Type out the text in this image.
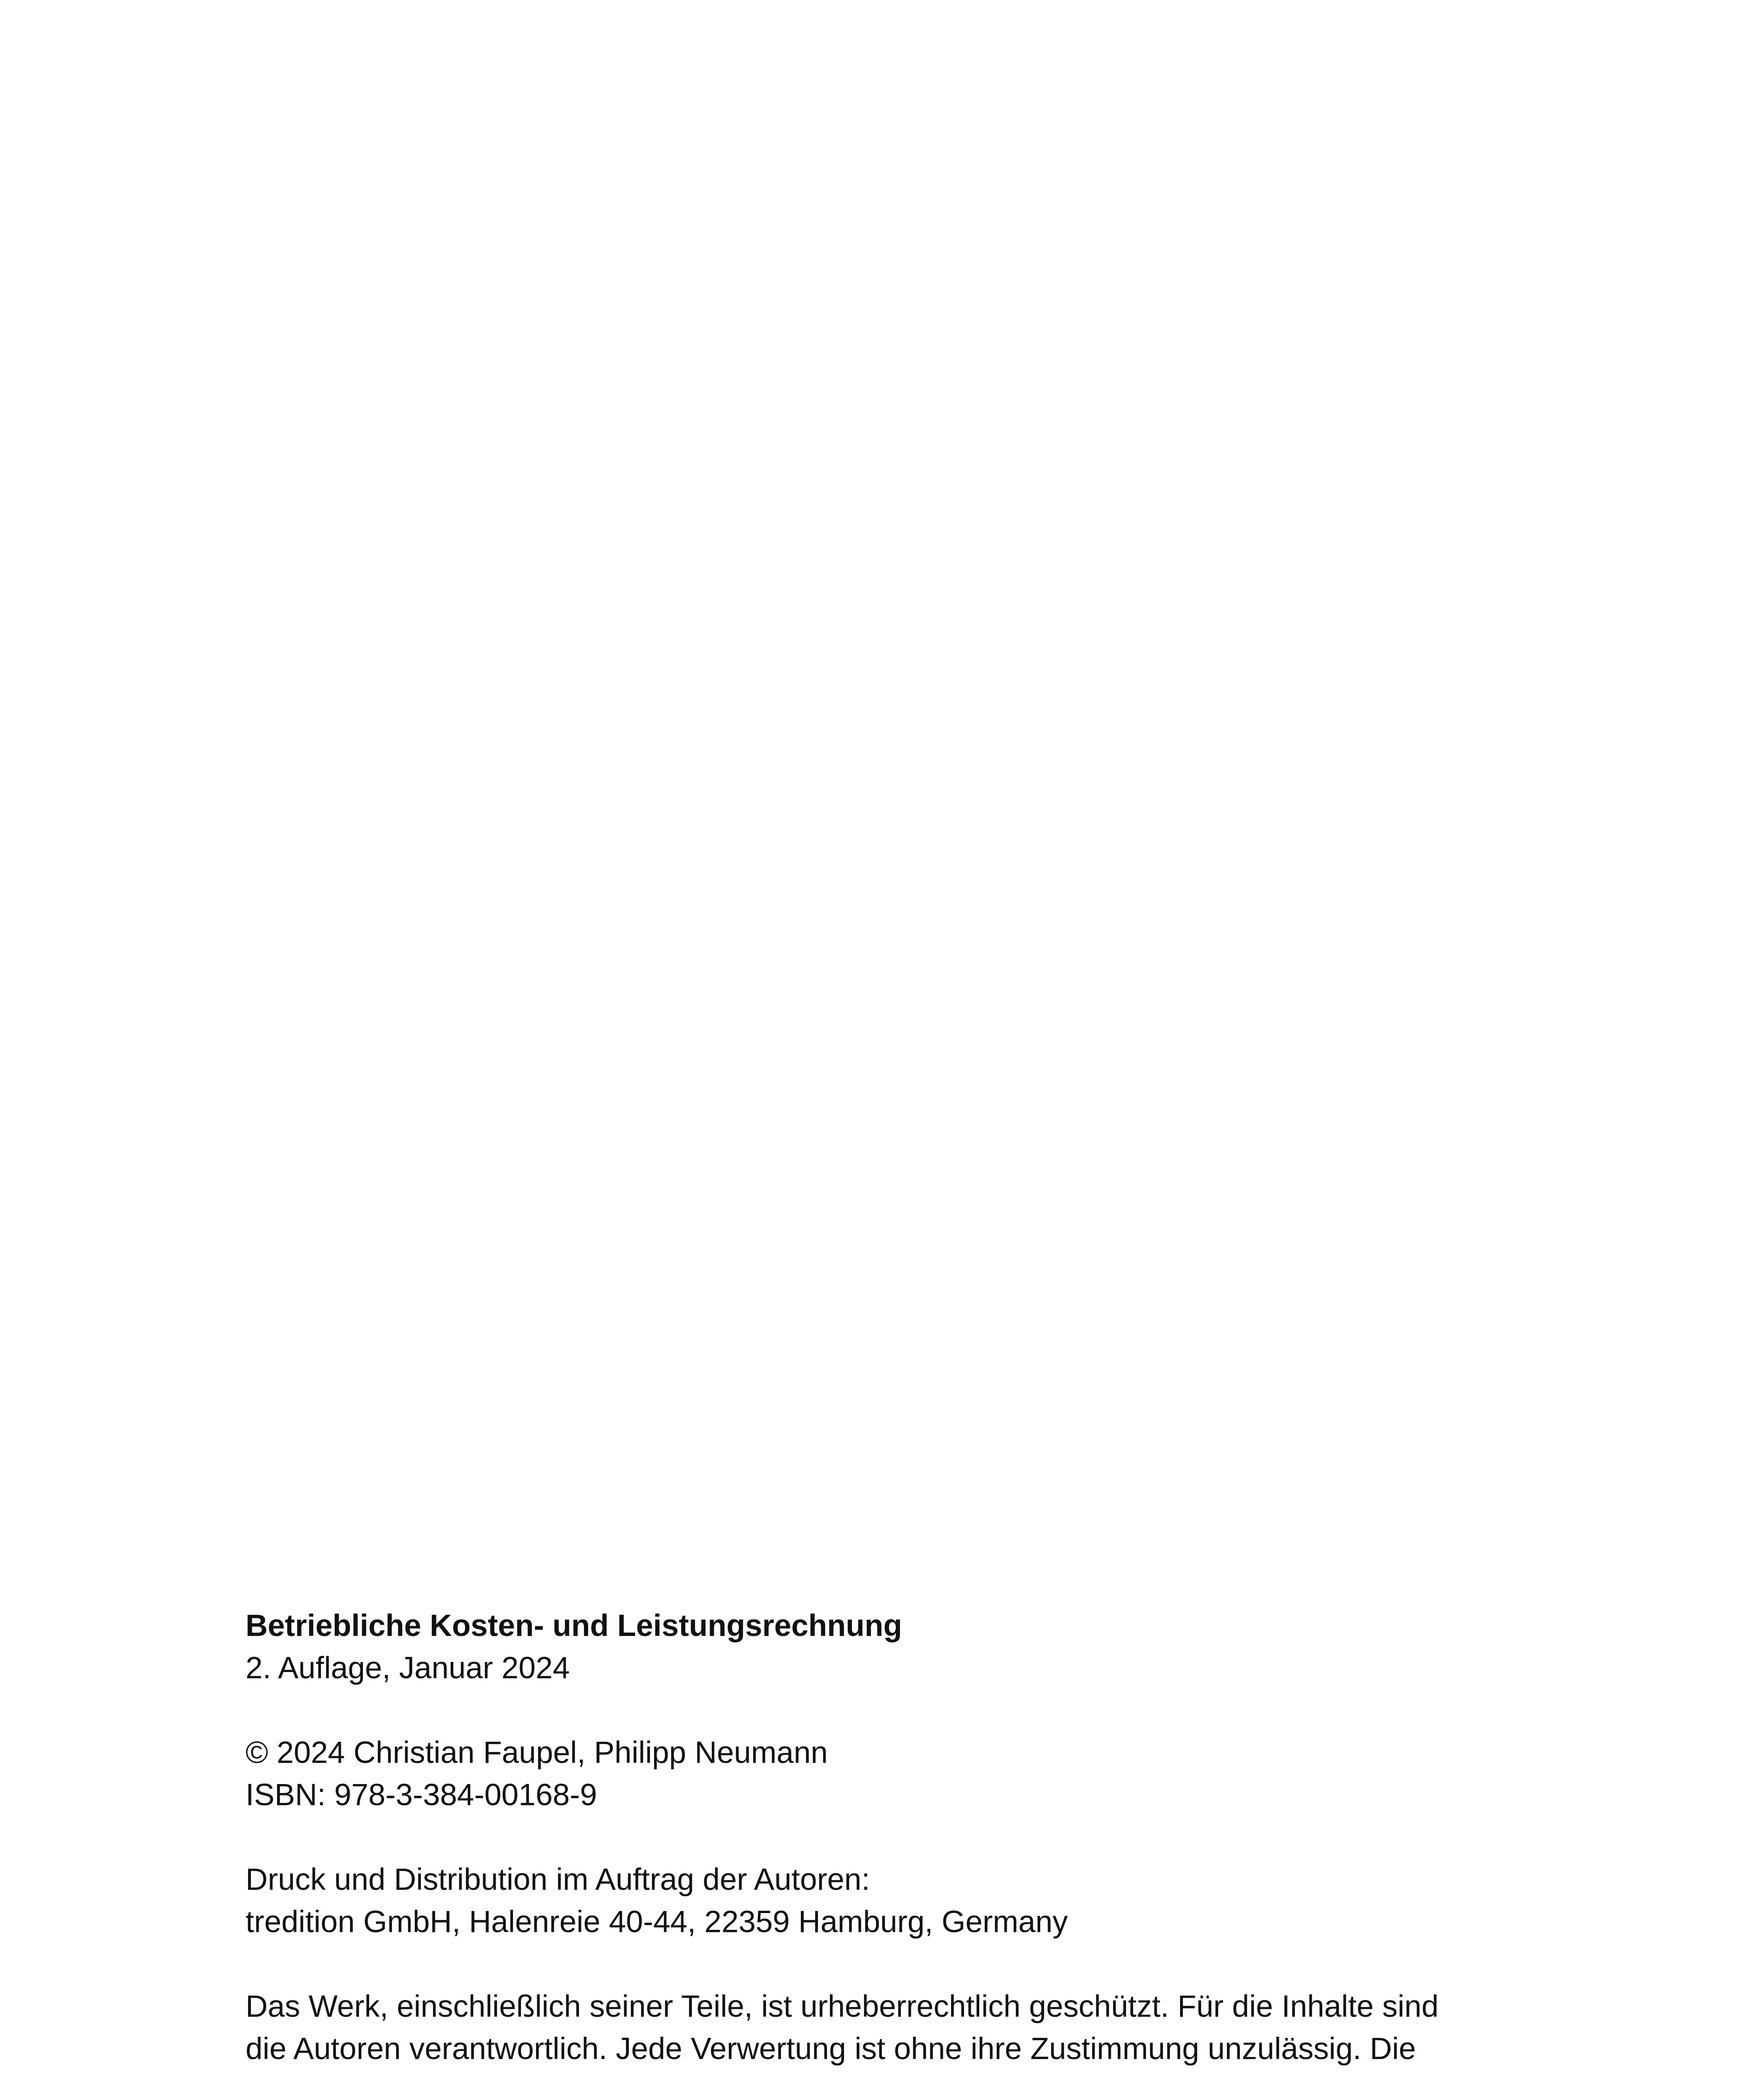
Betriebliche Kosten- und Leistungsrechnung

2. Auflage, Januar 2024

© 2024 Christian Faupel, Philipp Neumann

ISBN: 978-3-384-00168-9

Druck und Distribution im Auftrag der Autoren:

tredition GmbH, Halenreie 40-44, 22359 Hamburg, Germany

Das Werk, einschließlich seiner Teile, ist urheberrechtlich geschützt. Für die Inhalte sind

die Autoren verantwortlich. Jede Verwertung ist ohne ihre Zustimmung unzulässig. Die
